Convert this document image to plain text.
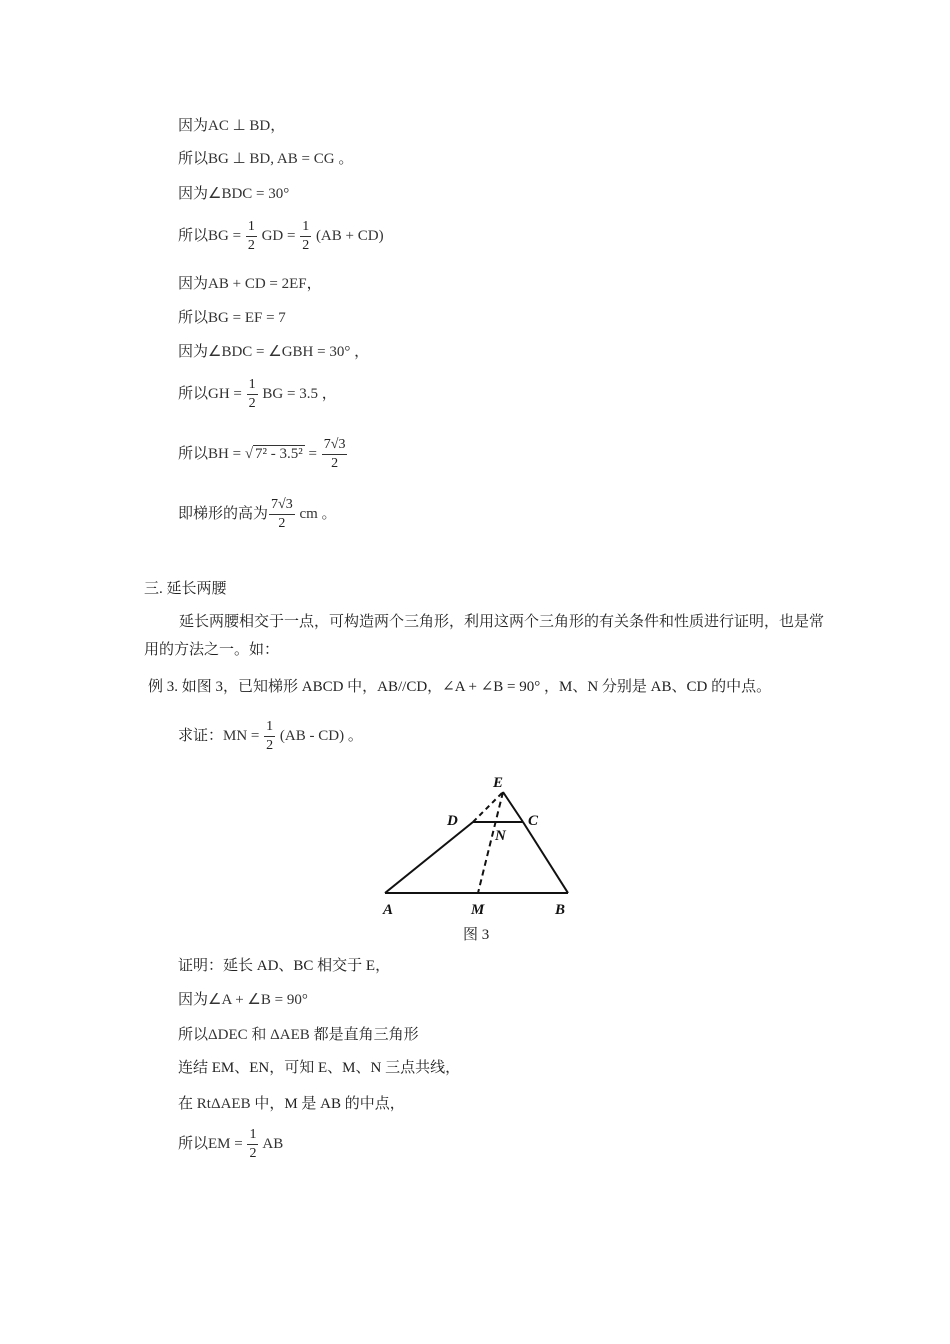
因为AC ⊥ BD，
所以BG ⊥ BD, AB = CG 。
因为∠BDC = 30°
所以BG = $\frac{1}{2}$ GD = $\frac{1}{2} (AB + CD)$
因为AB + CD = 2EF，
所以BG = EF = 7
因为∠BDC = ∠GBH = 30° ，
所以GH = $\frac{1}{2}$ BG = 3.5 ，
所以BH = √ $7^2 - 3.5^2 = \frac{7√3}{2}$
即梯形的高为 $\frac{7√3}{2}$ cm 。
三. 延长两腰
延长两腰相交于一点，可构造两个三角形，利用这两个三角形的有关条件和性质进行证明，也是常用的方法之一。如：
例 3. 如图 3，已知梯形 ABCD 中，AB//CD，∠A + ∠B = 90° ，M、N 分别是 AB、CD 的中点。
求证：MN = $\frac{1}{2} (AB - CD)$ 。
E
D	C
N
A	M	B
图 3
证明：延长 AD、BC 相交于 E，
因为∠A + ∠B = 90°
所以ΔDEC 和 ΔAEB 都是直角三角形
连结 EM、EN，可知 E、M、N 三点共线，
在 RtΔAEB 中，M 是 AB 的中点，
所以EM = $\frac{1}{2}$ AB
